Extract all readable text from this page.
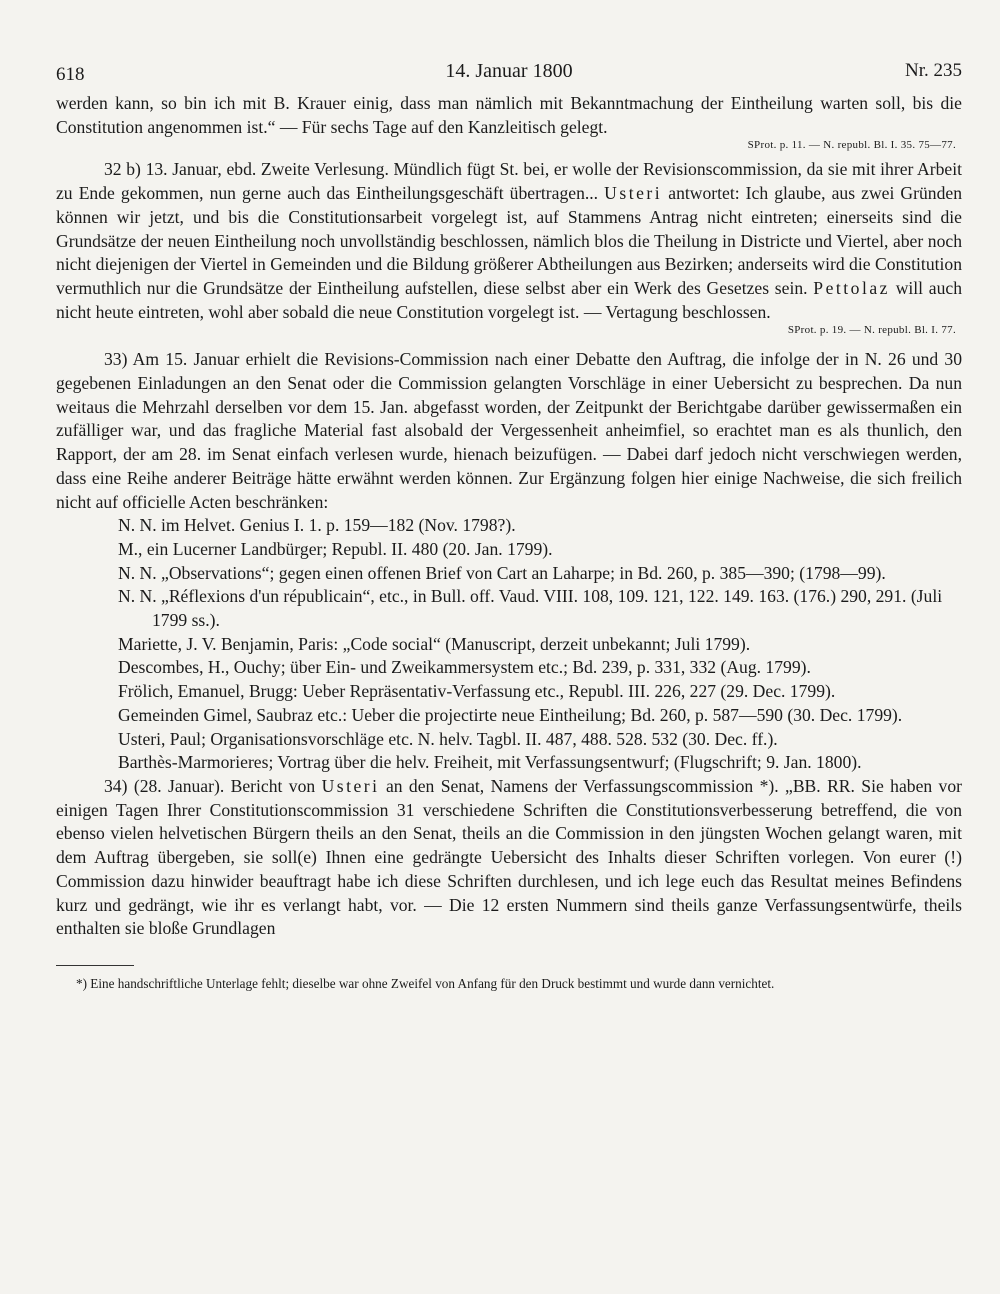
618	14. Januar 1800	Nr. 235

werden kann, so bin ich mit B. Krauer einig, dass man nämlich mit Bekanntmachung der Eintheilung warten soll, bis die Constitution angenommen ist.“ — Für sechs Tage auf den Kanzleitisch gelegt.

SProt. p. 11. — N. republ. Bl. I. 35. 75—77.

32 b) 13. Januar, ebd. Zweite Verlesung. Mündlich fügt St. bei, er wolle der Revisionscommission, da sie mit ihrer Arbeit zu Ende gekommen, nun gerne auch das Eintheilungsgeschäft übertragen... Usteri antwortet: Ich glaube, aus zwei Gründen können wir jetzt, und bis die Constitutionsarbeit vorgelegt ist, auf Stammens Antrag nicht eintreten; einerseits sind die Grundsätze der neuen Eintheilung noch unvollständig beschlossen, nämlich blos die Theilung in Districte und Viertel, aber noch nicht diejenigen der Viertel in Gemeinden und die Bildung größerer Abtheilungen aus Bezirken; anderseits wird die Constitution vermuthlich nur die Grundsätze der Eintheilung aufstellen, diese selbst aber ein Werk des Gesetzes sein. Pettolaz will auch nicht heute eintreten, wohl aber sobald die neue Constitution vorgelegt ist. — Vertagung beschlossen.

SProt. p. 19. — N. republ. Bl. I. 77.

33) Am 15. Januar erhielt die Revisions-Commission nach einer Debatte den Auftrag, die infolge der in N. 26 und 30 gegebenen Einladungen an den Senat oder die Commission gelangten Vorschläge in einer Uebersicht zu besprechen. Da nun weitaus die Mehrzahl derselben vor dem 15. Jan. abgefasst worden, der Zeitpunkt der Berichtgabe darüber gewissermaßen ein zufälliger war, und das fragliche Material fast alsobald der Vergessenheit anheimfiel, so erachtet man es als thunlich, den Rapport, der am 28. im Senat einfach verlesen wurde, hienach beizufügen. — Dabei darf jedoch nicht verschwiegen werden, dass eine Reihe anderer Beiträge hätte erwähnt werden können. Zur Ergänzung folgen hier einige Nachweise, die sich freilich nicht auf officielle Acten beschränken:

N. N. im Helvet. Genius I. 1. p. 159—182 (Nov. 1798?).
M., ein Lucerner Landbürger; Republ. II. 480 (20. Jan. 1799).
N. N. „Observations“; gegen einen offenen Brief von Cart an Laharpe; in Bd. 260, p. 385—390; (1798—99).
N. N. „Réflexions d'un républicain“, etc., in Bull. off. Vaud. VIII. 108, 109. 121, 122. 149. 163. (176.) 290, 291. (Juli 1799 ss.).
Mariette, J. V. Benjamin, Paris: „Code social“ (Manuscript, derzeit unbekannt; Juli 1799).
Descombes, H., Ouchy; über Ein- und Zweikammersystem etc.; Bd. 239, p. 331, 332 (Aug. 1799).
Frölich, Emanuel, Brugg: Ueber Repräsentativ-Verfassung etc., Republ. III. 226, 227 (29. Dec. 1799).
Gemeinden Gimel, Saubraz etc.: Ueber die projectirte neue Eintheilung; Bd. 260, p. 587—590 (30. Dec. 1799).
Usteri, Paul; Organisationsvorschläge etc. N. helv. Tagbl. II. 487, 488. 528. 532 (30. Dec. ff.).
Barthès-Marmorieres; Vortrag über die helv. Freiheit, mit Verfassungsentwurf; (Flugschrift; 9. Jan. 1800).

34) (28. Januar). Bericht von Usteri an den Senat, Namens der Verfassungscommission *). „BB. RR. Sie haben vor einigen Tagen Ihrer Constitutionscommission 31 verschiedene Schriften die Constitutionsverbesserung betreffend, die von ebenso vielen helvetischen Bürgern theils an den Senat, theils an die Commission in den jüngsten Wochen gelangt waren, mit dem Auftrag übergeben, sie soll(e) Ihnen eine gedrängte Uebersicht des Inhalts dieser Schriften vorlegen. Von eurer (!) Commission dazu hinwider beauftragt habe ich diese Schriften durchlesen, und ich lege euch das Resultat meines Befindens kurz und gedrängt, wie ihr es verlangt habt, vor. — Die 12 ersten Nummern sind theils ganze Verfassungsentwürfe, theils enthalten sie bloße Grundlagen

*) Eine handschriftliche Unterlage fehlt; dieselbe war ohne Zweifel von Anfang für den Druck bestimmt und wurde dann vernichtet.
